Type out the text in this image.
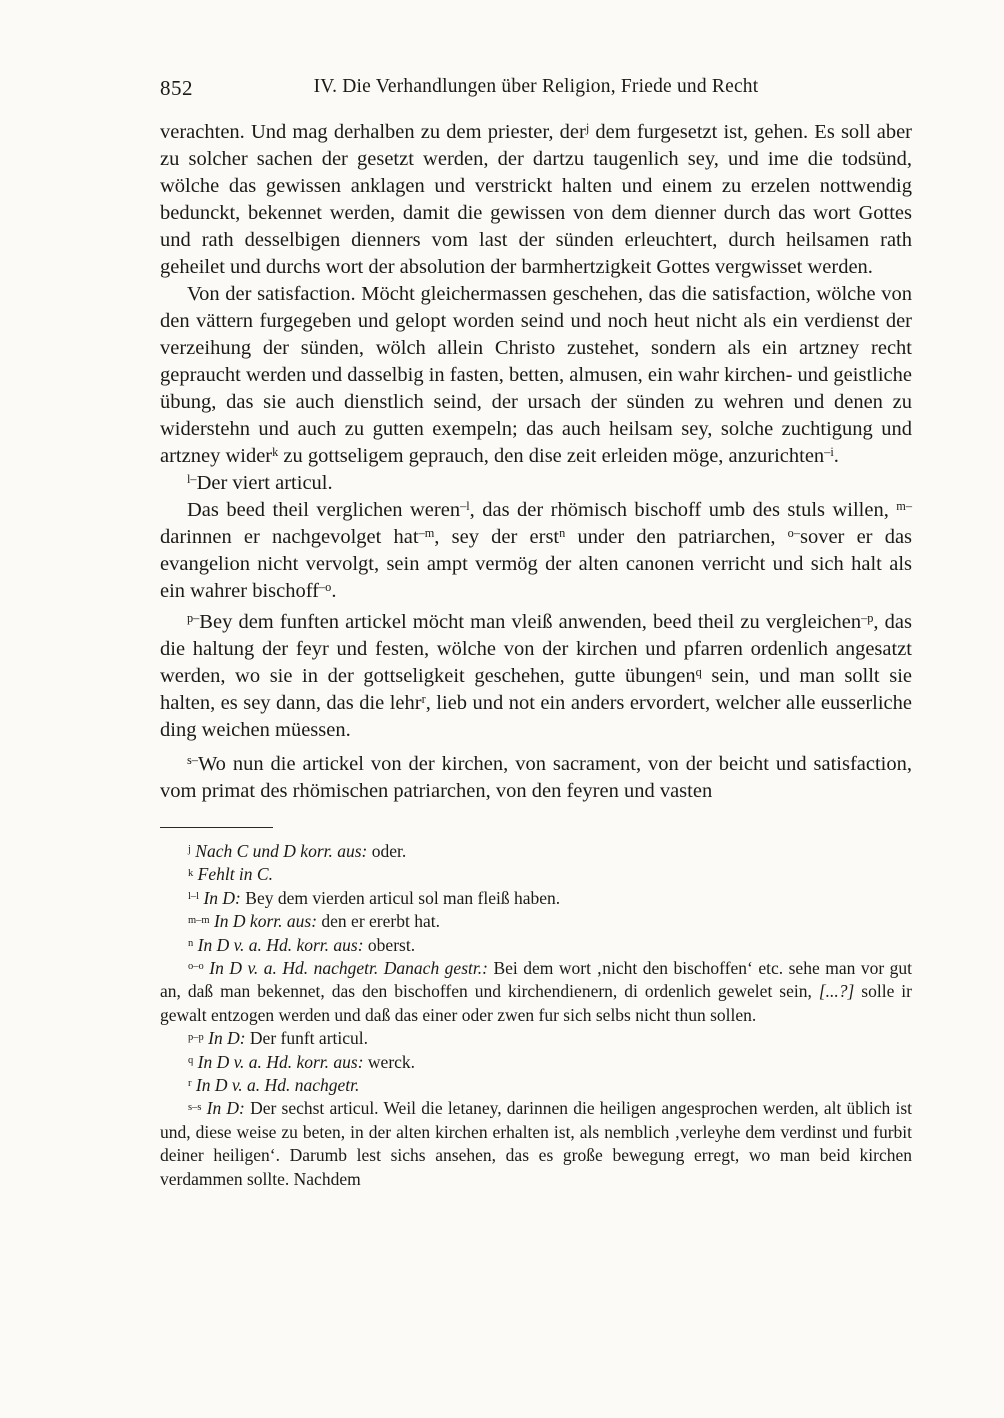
852	IV. Die Verhandlungen über Religion, Friede und Recht

verachten. Und mag derhalben zu dem priester, der$^j$ dem furgesetzt ist, gehen. Es soll aber zu solcher sachen der gesetzt werden, der dartzu taugenlich sey, und ime die todsünd, wölche das gewissen anklagen und verstrickt halten und einem zu erzelen nottwendig bedunckt, bekennet werden, damit die gewissen von dem dienner durch das wort Gottes und rath desselbigen dienners vom last der sünden erleuchtert, durch heilsamen rath geheilet und durchs wort der absolution der barmhertzigkeit Gottes vergwisset werden.

Von der satisfaction. Möcht gleichermassen geschehen, das die satisfaction, wölche von den vättern furgegeben und gelopt worden seind und noch heut nicht als ein verdienst der verzeihung der sünden, wölch allein Christo zustehet, sondern als ein artzney recht gepraucht werden und dasselbig in fasten, betten, almusen, ein wahr kirchen- und geistliche übung, das sie auch dienstlich seind, der ursach der sünden zu wehren und denen zu widerstehn und auch zu gutten exempeln; das auch heilsam sey, solche zuchtigung und artzney wider$^k$ zu gottseligem geprauch, den dise zeit erleiden möge, anzurichten$^{-i}$.

$^{l-}$Der viert articul.

Das beed theil verglichen weren$^{-l}$, das der rhömisch bischoff umb des stuls willen, $^{m-}$darinnen er nachgevolget hat$^{-m}$, sey der erst$^n$ under den patriarchen, $^{o-}$sover er das evangelion nicht vervolgt, sein ampt vermög der alten canonen verricht und sich halt als ein wahrer bischoff$^{-o}$.

$^{p-}$Bey dem funften artickel möcht man vleiß anwenden, beed theil zu vergleichen$^{-p}$, das die haltung der feyr und festen, wölche von der kirchen und pfarren ordenlich angesatzt werden, wo sie in der gottseligkeit geschehen, gutte übungen$^q$ sein, und man sollt sie halten, es sey dann, das die lehr$^r$, lieb und not ein anders ervordert, welcher alle eusserliche ding weichen müessen.

$^{s-}$Wo nun die artickel von der kirchen, von sacrament, von der beicht und satisfaction, vom primat des rhömischen patriarchen, von den feyren und vasten

$^j$ Nach C und D korr. aus: oder.

$^k$ Fehlt in C.

$^{l-l}$ In D: Bey dem vierden articul sol man fleiß haben.

$^{m-m}$ In D korr. aus: den er ererbt hat.

$^n$ In D v. a. Hd. korr. aus: oberst.

$^{o-o}$ In D v. a. Hd. nachgetr. Danach gestr.: Bei dem wort ‚nicht den bischoffen‘ etc. sehe man vor gut an, daß man bekennet, das den bischoffen und kirchendienern, di ordenlich gewelet sein, [...?] solle ir gewalt entzogen werden und daß das einer oder zwen fur sich selbs nicht thun sollen.

$^{p-p}$ In D: Der funft articul.

$^q$ In D v. a. Hd. korr. aus: werck.

$^r$ In D v. a. Hd. nachgetr.

$^{s-s}$ In D: Der sechst articul. Weil die letaney, darinnen die heiligen angesprochen werden, alt üblich ist und, diese weise zu beten, in der alten kirchen erhalten ist, als nemblich ‚verleyhe dem verdinst und furbit deiner heiligen‘. Darumb lest sichs ansehen, das es große bewegung erregt, wo man beid kirchen verdammen sollte. Nachdem
